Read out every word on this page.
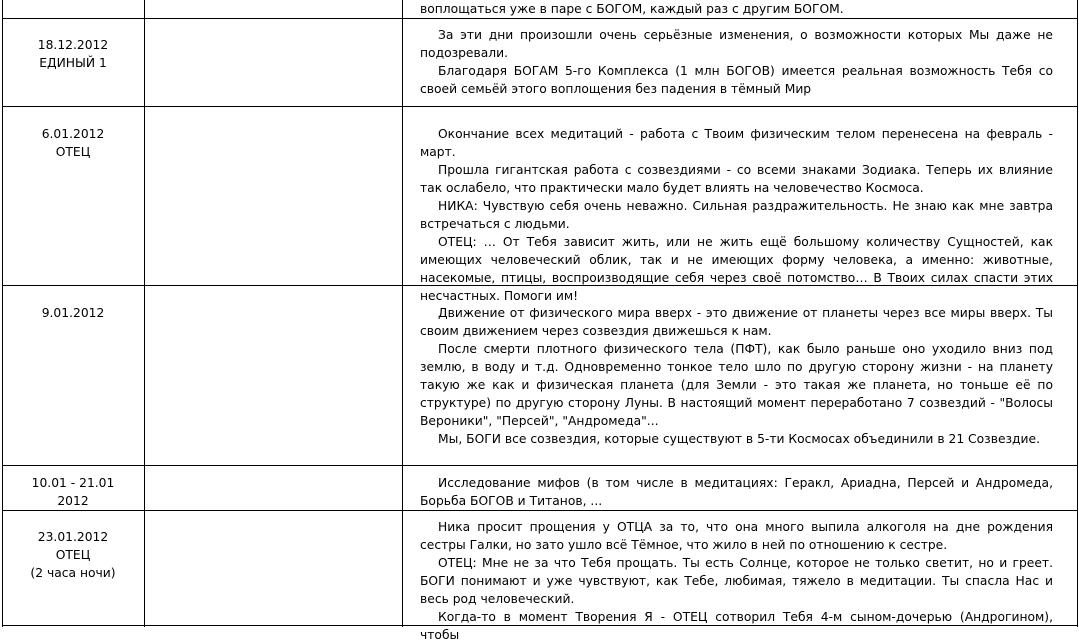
воплощаться уже в паре с БОГОМ, каждый раз с другим БОГОМ.

18.12.2012
ЕДИНЫЙ 1

За эти дни произошли очень серьёзные изменения, о возможности которых Мы даже не подозревали.

Благодаря БОГАМ 5-го Комплекса (1 млн БОГОВ) имеется реальная возможность Тебя со своей семьёй этого воплощения без падения в тёмный Мир

6.01.2012
ОТЕЦ

Окончание всех медитаций - работа с Твоим физическим телом перенесена на февраль - март.

Прошла гигантская работа с созвездиями - со всеми знаками Зодиака. Теперь их влияние так ослабело, что практически мало будет влиять на человечество Космоса.

НИКА: Чувствую себя очень неважно. Сильная раздражительность. Не знаю как мне завтра встречаться с людьми.

ОТЕЦ: … От Тебя зависит жить, или не жить ещё большому количеству Сущностей, как имеющих человеческий облик, так и не имеющих форму человека, а именно: животные, насекомые, птицы, воспроизводящие себя через своё потомство… В Твоих силах спасти этих несчастных. Помоги им!

9.01.2012	Движение от физического мира вверх - это движение от планеты через все миры вверх. Ты своим движением через созвездия движешься к нам.

После смерти плотного физического тела (ПФТ), как было раньше оно уходило вниз под землю, в воду и т.д. Одновременно тонкое тело шло по другую сторону жизни - на планету такую же как и физическая планета (для Земли - это такая же планета, но тоньше её по структуре) по другую сторону Луны. В настоящий момент переработано 7 созвездий - "Волосы Вероники", "Персей", "Андромеда"...

Мы, БОГИ все созвездия, которые существуют в 5-ти Космосах объединили в 21 Созвездие.

10.01 - 21.01
2012

Исследование мифов (в том числе в медитациях: Геракл, Ариадна, Персей и Андромеда, Борьба БОГОВ и Титанов, ...

23.01.2012
ОТЕЦ
(2 часа ночи)

Ника просит прощения у ОТЦА за то, что она много выпила алкоголя на дне рождения сестры Галки, но зато ушло всё Тёмное, что жило в ней по отношению к сестре.

ОТЕЦ: Мне не за что Тебя прощать. Ты есть Солнце, которое не только светит, но и греет. БОГИ понимают и уже чувствуют, как Тебе, любимая, тяжело в медитации. Ты спасла Нас и весь род человеческий.

Когда-то в момент Творения Я - ОТЕЦ сотворил Тебя 4-м сыном-дочерью (Андрогином), чтобы
